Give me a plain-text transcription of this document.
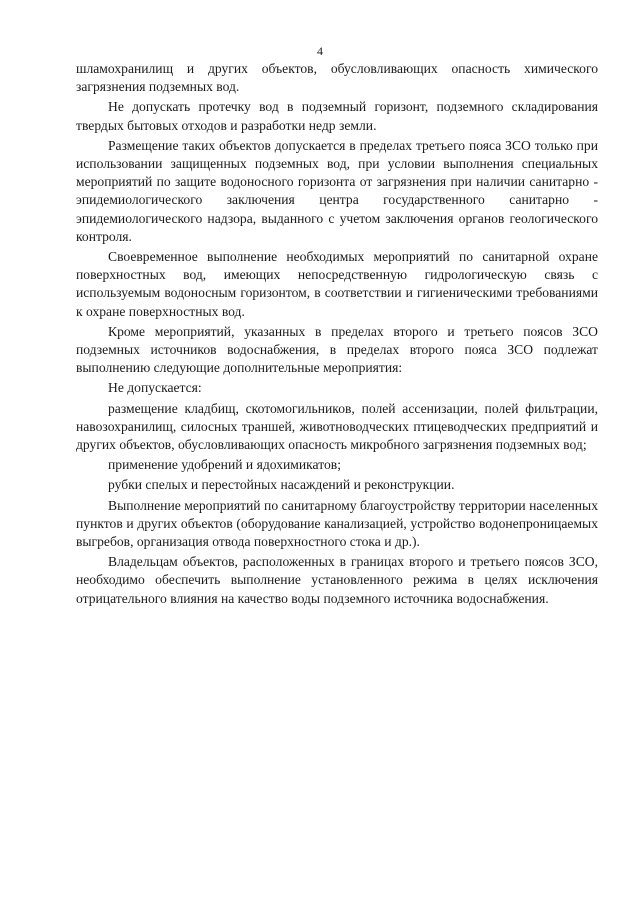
4

шламохранилищ и других объектов, обусловливающих опасность химического загрязнения подземных вод.

Не допускать протечку вод в подземный горизонт, подземного складирования твердых бытовых отходов и разработки недр земли.

Размещение таких объектов допускается в пределах третьего пояса ЗСО только при использовании защищенных подземных вод, при условии выполнения специальных мероприятий по защите водоносного горизонта от загрязнения при наличии санитарно - эпидемиологического заключения центра государственного санитарно - эпидемиологического надзора, выданного с учетом заключения органов геологического контроля.

Своевременное выполнение необходимых мероприятий по санитарной охране поверхностных вод, имеющих непосредственную гидрологическую связь с используемым водоносным горизонтом, в соответствии и гигиеническими требованиями к охране поверхностных вод.

Кроме мероприятий, указанных в пределах второго и третьего поясов ЗСО подземных источников водоснабжения, в пределах второго пояса ЗСО подлежат выполнению следующие дополнительные мероприятия:

Не допускается:

размещение кладбищ, скотомогильников, полей ассенизации, полей фильтрации, навозохранилищ, силосных траншей, животноводческих птицеводческих предприятий и других объектов, обусловливающих опасность микробного загрязнения подземных вод;

применение удобрений и ядохимикатов;

рубки спелых и перестойных насаждений и реконструкции.

Выполнение мероприятий по санитарному благоустройству территории населенных пунктов и других объектов (оборудование канализацией, устройство водонепроницаемых выгребов, организация отвода поверхностного стока и др.).

Владельцам объектов, расположенных в границах второго и третьего поясов ЗСО, необходимо обеспечить выполнение установленного режима в целях исключения отрицательного влияния на качество воды подземного источника водоснабжения.
